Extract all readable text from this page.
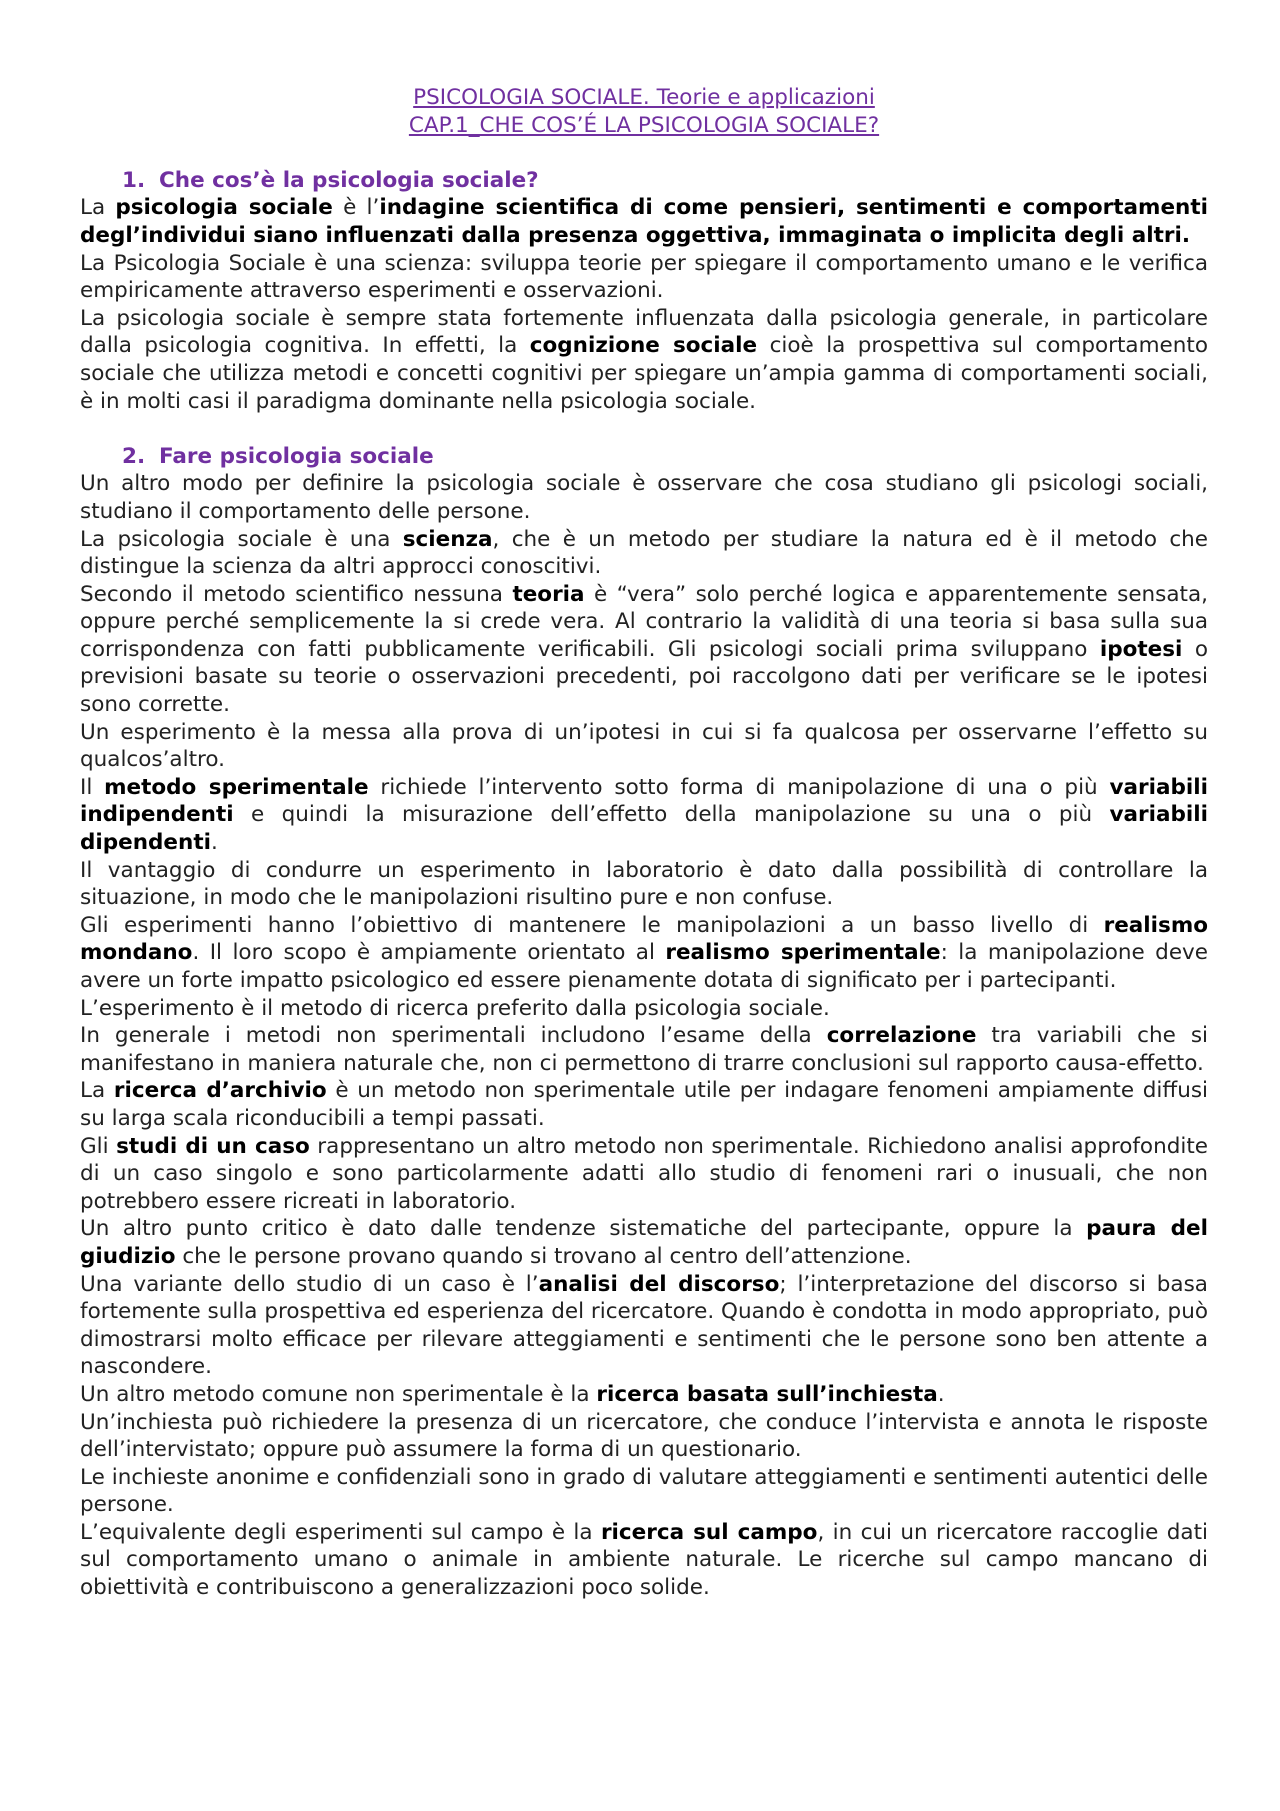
PSICOLOGIA SOCIALE. Teorie e applicazioni
CAP.1_CHE COS’É LA PSICOLOGIA SOCIALE?
1. Che cos’è la psicologia sociale?

La psicologia sociale è l’indagine scientifica di come pensieri, sentimenti e comportamenti degl’individui siano influenzati dalla presenza oggettiva, immaginata o implicita degli altri.

La Psicologia Sociale è una scienza: sviluppa teorie per spiegare il comportamento umano e le verifica empiricamente attraverso esperimenti e osservazioni.

La psicologia sociale è sempre stata fortemente influenzata dalla psicologia generale, in particolare dalla psicologia cognitiva. In effetti, la cognizione sociale cioè la prospettiva sul comportamento sociale che utilizza metodi e concetti cognitivi per spiegare un’ampia gamma di comportamenti sociali, è in molti casi il paradigma dominante nella psicologia sociale.

2. Fare psicologia sociale

Un altro modo per definire la psicologia sociale è osservare che cosa studiano gli psicologi sociali, studiano il comportamento delle persone.

La psicologia sociale è una scienza, che è un metodo per studiare la natura ed è il metodo che distingue la scienza da altri approcci conoscitivi.

Secondo il metodo scientifico nessuna teoria è “vera” solo perché logica e apparentemente sensata, oppure perché semplicemente la si crede vera. Al contrario la validità di una teoria si basa sulla sua corrispondenza con fatti pubblicamente verificabili. Gli psicologi sociali prima sviluppano ipotesi o previsioni basate su teorie o osservazioni precedenti, poi raccolgono dati per verificare se le ipotesi sono corrette.

Un esperimento è la messa alla prova di un’ipotesi in cui si fa qualcosa per osservarne l’effetto su qualcos’altro.

Il metodo sperimentale richiede l’intervento sotto forma di manipolazione di una o più variabili indipendenti e quindi la misurazione dell’effetto della manipolazione su una o più variabili dipendenti.

Il vantaggio di condurre un esperimento in laboratorio è dato dalla possibilità di controllare la situazione, in modo che le manipolazioni risultino pure e non confuse.

Gli esperimenti hanno l’obiettivo di mantenere le manipolazioni a un basso livello di realismo mondano. Il loro scopo è ampiamente orientato al realismo sperimentale: la manipolazione deve avere un forte impatto psicologico ed essere pienamente dotata di significato per i partecipanti.

L’esperimento è il metodo di ricerca preferito dalla psicologia sociale.

In generale i metodi non sperimentali includono l’esame della correlazione tra variabili che si manifestano in maniera naturale che, non ci permettono di trarre conclusioni sul rapporto causa-effetto.

La ricerca d’archivio è un metodo non sperimentale utile per indagare fenomeni ampiamente diffusi su larga scala riconducibili a tempi passati.

Gli studi di un caso rappresentano un altro metodo non sperimentale. Richiedono analisi approfondite di un caso singolo e sono particolarmente adatti allo studio di fenomeni rari o inusuali, che non potrebbero essere ricreati in laboratorio.

Un altro punto critico è dato dalle tendenze sistematiche del partecipante, oppure la paura del giudizio che le persone provano quando si trovano al centro dell’attenzione.

Una variante dello studio di un caso è l’analisi del discorso; l’interpretazione del discorso si basa fortemente sulla prospettiva ed esperienza del ricercatore. Quando è condotta in modo appropriato, può dimostrarsi molto efficace per rilevare atteggiamenti e sentimenti che le persone sono ben attente a nascondere.

Un altro metodo comune non sperimentale è la ricerca basata sull’inchiesta.

Un’inchiesta può richiedere la presenza di un ricercatore, che conduce l’intervista e annota le risposte dell’intervistato; oppure può assumere la forma di un questionario.

Le inchieste anonime e confidenziali sono in grado di valutare atteggiamenti e sentimenti autentici delle persone.

L’equivalente degli esperimenti sul campo è la ricerca sul campo, in cui un ricercatore raccoglie dati sul comportamento umano o animale in ambiente naturale. Le ricerche sul campo mancano di obiettività e contribuiscono a generalizzazioni poco solide.
